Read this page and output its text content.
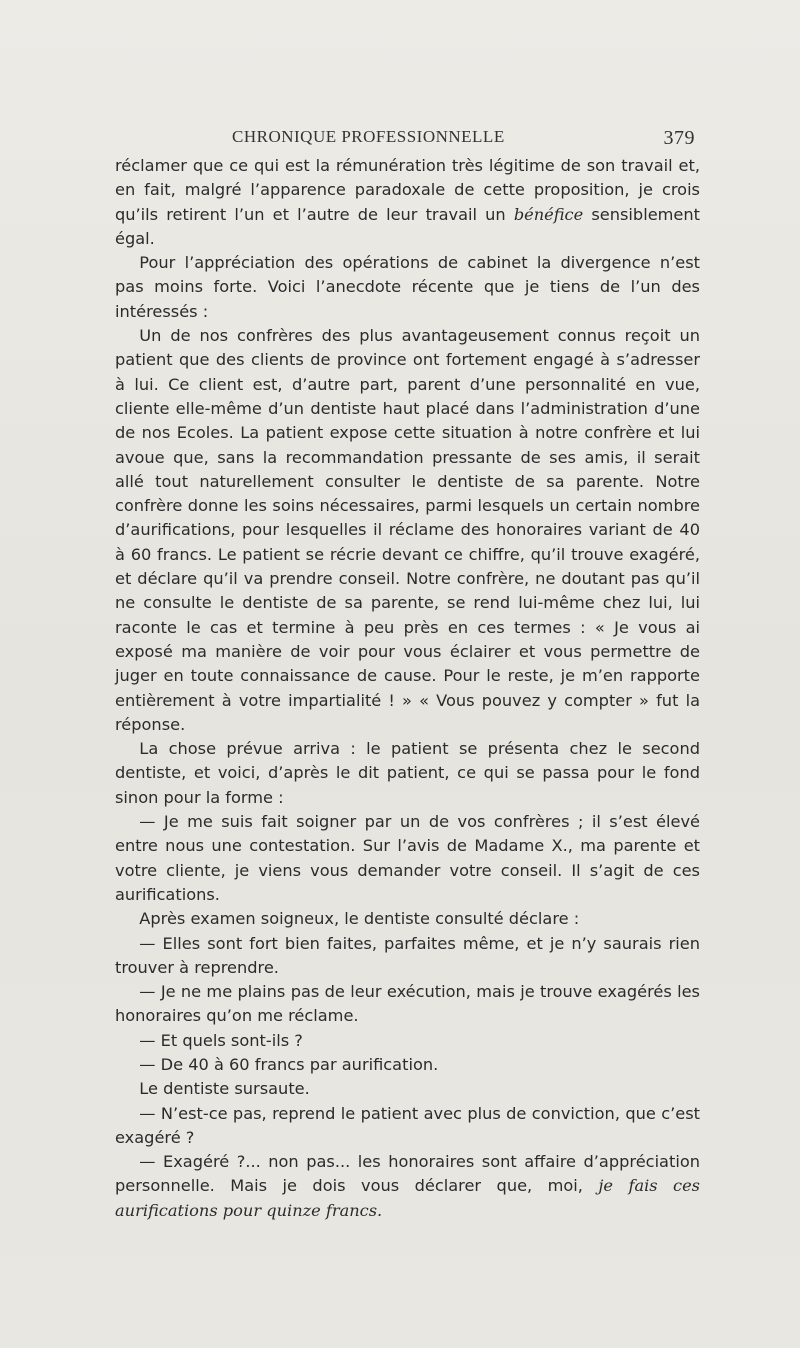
CHRONIQUE PROFESSIONNELLE	379

réclamer que ce qui est la rémunération très légitime de son travail et, en fait, malgré l’apparence paradoxale de cette proposition, je crois qu’ils retirent l’un et l’autre de leur travail un bénéfice sensiblement égal.

Pour l’appréciation des opérations de cabinet la divergence n’est pas moins forte. Voici l’anecdote récente que je tiens de l’un des intéressés :

Un de nos confrères des plus avantageusement connus reçoit un patient que des clients de province ont fortement engagé à s’adresser à lui. Ce client est, d’autre part, parent d’une personnalité en vue, cliente elle-même d’un dentiste haut placé dans l’administration d’une de nos Ecoles. La patient expose cette situation à notre confrère et lui avoue que, sans la recommandation pressante de ses amis, il serait allé tout naturellement consulter le dentiste de sa parente. Notre confrère donne les soins nécessaires, parmi lesquels un certain nombre d’aurifications, pour lesquelles il réclame des honoraires variant de 40 à 60 francs. Le patient se récrie devant ce chiffre, qu’il trouve exagéré, et déclare qu’il va prendre conseil. Notre confrère, ne doutant pas qu’il ne consulte le dentiste de sa parente, se rend lui-même chez lui, lui raconte le cas et termine à peu près en ces termes : « Je vous ai exposé ma manière de voir pour vous éclairer et vous permettre de juger en toute connaissance de cause. Pour le reste, je m’en rapporte entièrement à votre impartialité ! » « Vous pouvez y compter » fut la réponse.

La chose prévue arriva : le patient se présenta chez le second dentiste, et voici, d’après le dit patient, ce qui se passa pour le fond sinon pour la forme :

— Je me suis fait soigner par un de vos confrères ; il s’est élevé entre nous une contestation. Sur l’avis de Madame X., ma parente et votre cliente, je viens vous demander votre conseil. Il s’agit de ces aurifications.

Après examen soigneux, le dentiste consulté déclare :

— Elles sont fort bien faites, parfaites même, et je n’y saurais rien trouver à reprendre.

— Je ne me plains pas de leur exécution, mais je trouve exagérés les honoraires qu’on me réclame.

— Et quels sont-ils ?

— De 40 à 60 francs par aurification.

Le dentiste sursaute.

— N’est-ce pas, reprend le patient avec plus de conviction, que c’est exagéré ?

— Exagéré ?... non pas... les honoraires sont affaire d’appréciation personnelle. Mais je dois vous déclarer que, moi, je fais ces aurifications pour quinze francs.
